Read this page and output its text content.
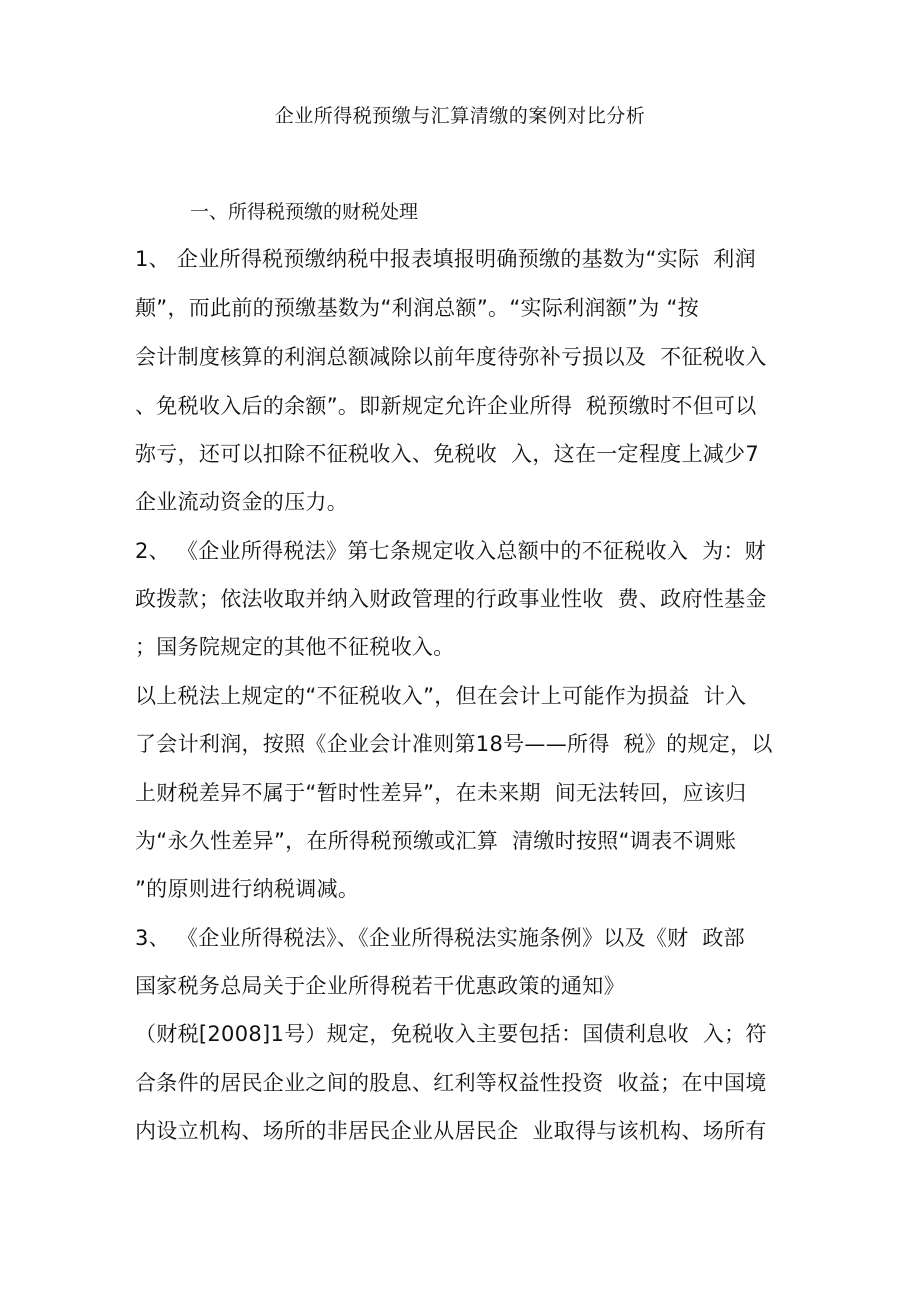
企业所得税预缴与汇算清缴的案例对比分析
一、所得税预缴的财税处理
1、 企业所得税预缴纳税中报表填报明确预缴的基数为“实际  利润
颠”，而此前的预缴基数为“利润总额”。“实际利润额”为 “按
会计制度核算的利润总额减除以前年度待弥补亏损以及  不征税收入
、免税收入后的余额”。即新规定允许企业所得  税预缴时不但可以
弥亏，还可以扣除不征税收入、免税收  入，这在一定程度上减少7
企业流动资金的压力。
2、 《企业所得税法》第七条规定收入总额中的不征税收入  为：财
政拨款；依法收取并纳入财政管理的行政事业性收  费、政府性基金
；国务院规定的其他不征税收入。
以上税法上规定的“不征税收入”，但在会计上可能作为损益  计入
了会计利润，按照《企业会计准则第18号——所得  税》的规定，以
上财税差异不属于“暂时性差异”，在未来期  间无法转回，应该归
为“永久性差异”，在所得税预缴或汇算  清缴时按照“调表不调账
”的原则进行纳税调减。
3、 《企业所得税法》、《企业所得税法实施条例》以及《财  政部
国家税务总局关于企业所得税若干优惠政策的通知》
（财税[2008]1号）规定，免税收入主要包括：国债利息收  入；符
合条件的居民企业之间的股息、红利等权益性投资  收益；在中国境
内设立机构、场所的非居民企业从居民企  业取得与该机构、场所有
